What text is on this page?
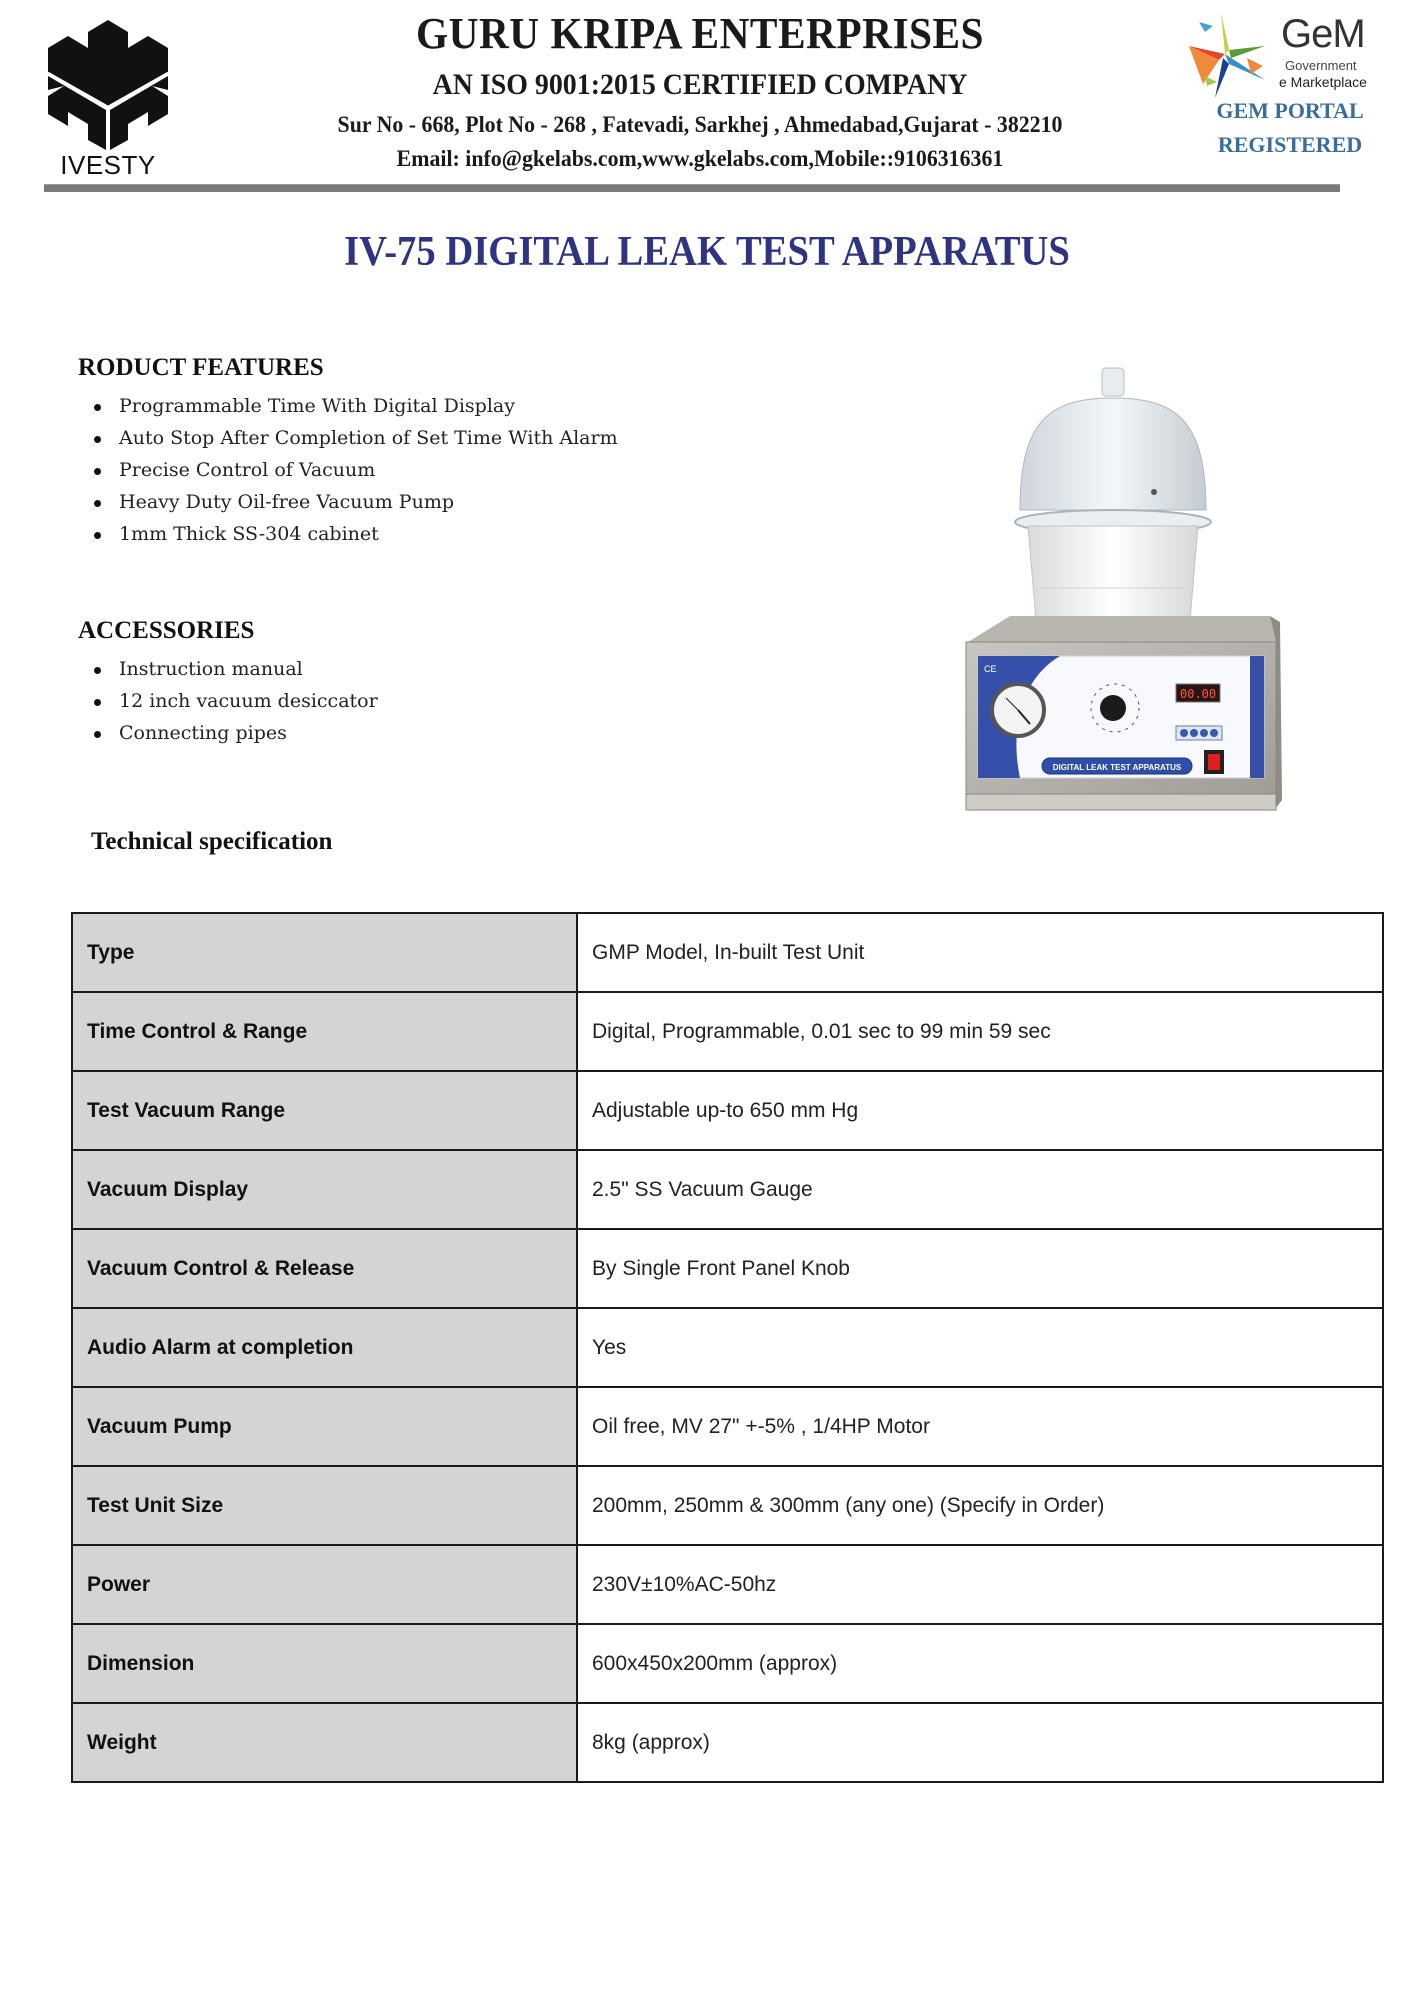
IVESTY
GURU KRIPA ENTERPRISES
AN ISO 9001:2015 CERTIFIED COMPANY
Sur No - 668, Plot No - 268 , Fatevadi, Sarkhej , Ahmedabad,Gujarat - 382210
Email: info@gkelabs.com,www.gkelabs.com,Mobile::9106316361
GeM
Government
e Marketplace
GEM PORTAL
REGISTERED
IV-75 DIGITAL LEAK TEST APPARATUS
RODUCT FEATURES
Programmable Time With Digital Display
Auto Stop After Completion of Set Time With Alarm
Precise Control of Vacuum
Heavy Duty Oil-free Vacuum Pump
1mm Thick SS-304 cabinet
ACCESSORIES
Instruction manual
12 inch vacuum desiccator
Connecting pipes
CE
00.00
DIGITAL LEAK TEST APPARATUS
Technical specification
Type	GMP Model, In-built Test Unit
Time Control & Range	Digital, Programmable, 0.01 sec to 99 min 59 sec
Test Vacuum Range	Adjustable up-to 650 mm Hg
Vacuum Display	2.5" SS Vacuum Gauge
Vacuum Control & Release	By Single Front Panel Knob
Audio Alarm at completion	Yes
Vacuum Pump	Oil free, MV 27" +-5% , 1/4HP Motor
Test Unit Size	200mm, 250mm & 300mm (any one) (Specify in Order)
Power	230V±10%AC-50hz
Dimension	600x450x200mm (approx)
Weight	8kg (approx)
